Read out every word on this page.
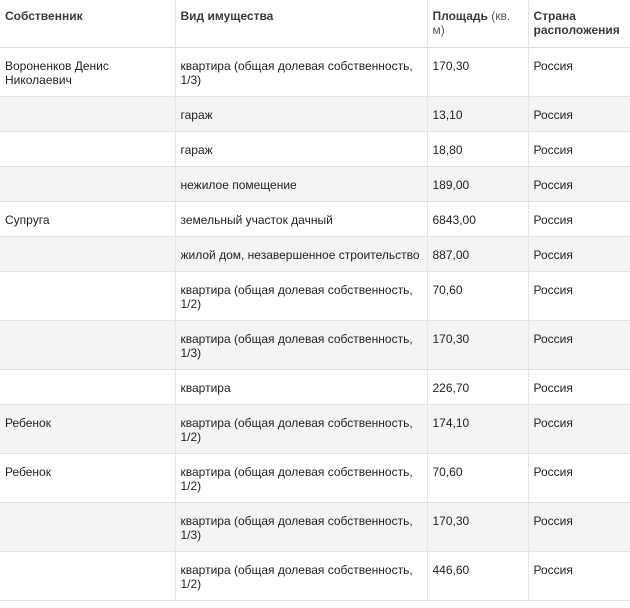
Собственник	Вид имущества	Площадь (кв. м)	Страна расположения
Вороненков Денис Николаевич	квартира (общая долевая собственность, 1/3)	170,30	Россия
	гараж	13,10	Россия
	гараж	18,80	Россия
	нежилое помещение	189,00	Россия
Супруга	земельный участок дачный	6843,00	Россия
	жилой дом, незавершенное строительство	887,00	Россия
	квартира (общая долевая собственность, 1/2)	70,60	Россия
	квартира (общая долевая собственность, 1/3)	170,30	Россия
	квартира	226,70	Россия
Ребенок	квартира (общая долевая собственность, 1/2)	174,10	Россия
Ребенок	квартира (общая долевая собственность, 1/2)	70,60	Россия
	квартира (общая долевая собственность, 1/3)	170,30	Россия
	квартира (общая долевая собственность, 1/2)	446,60	Россия
